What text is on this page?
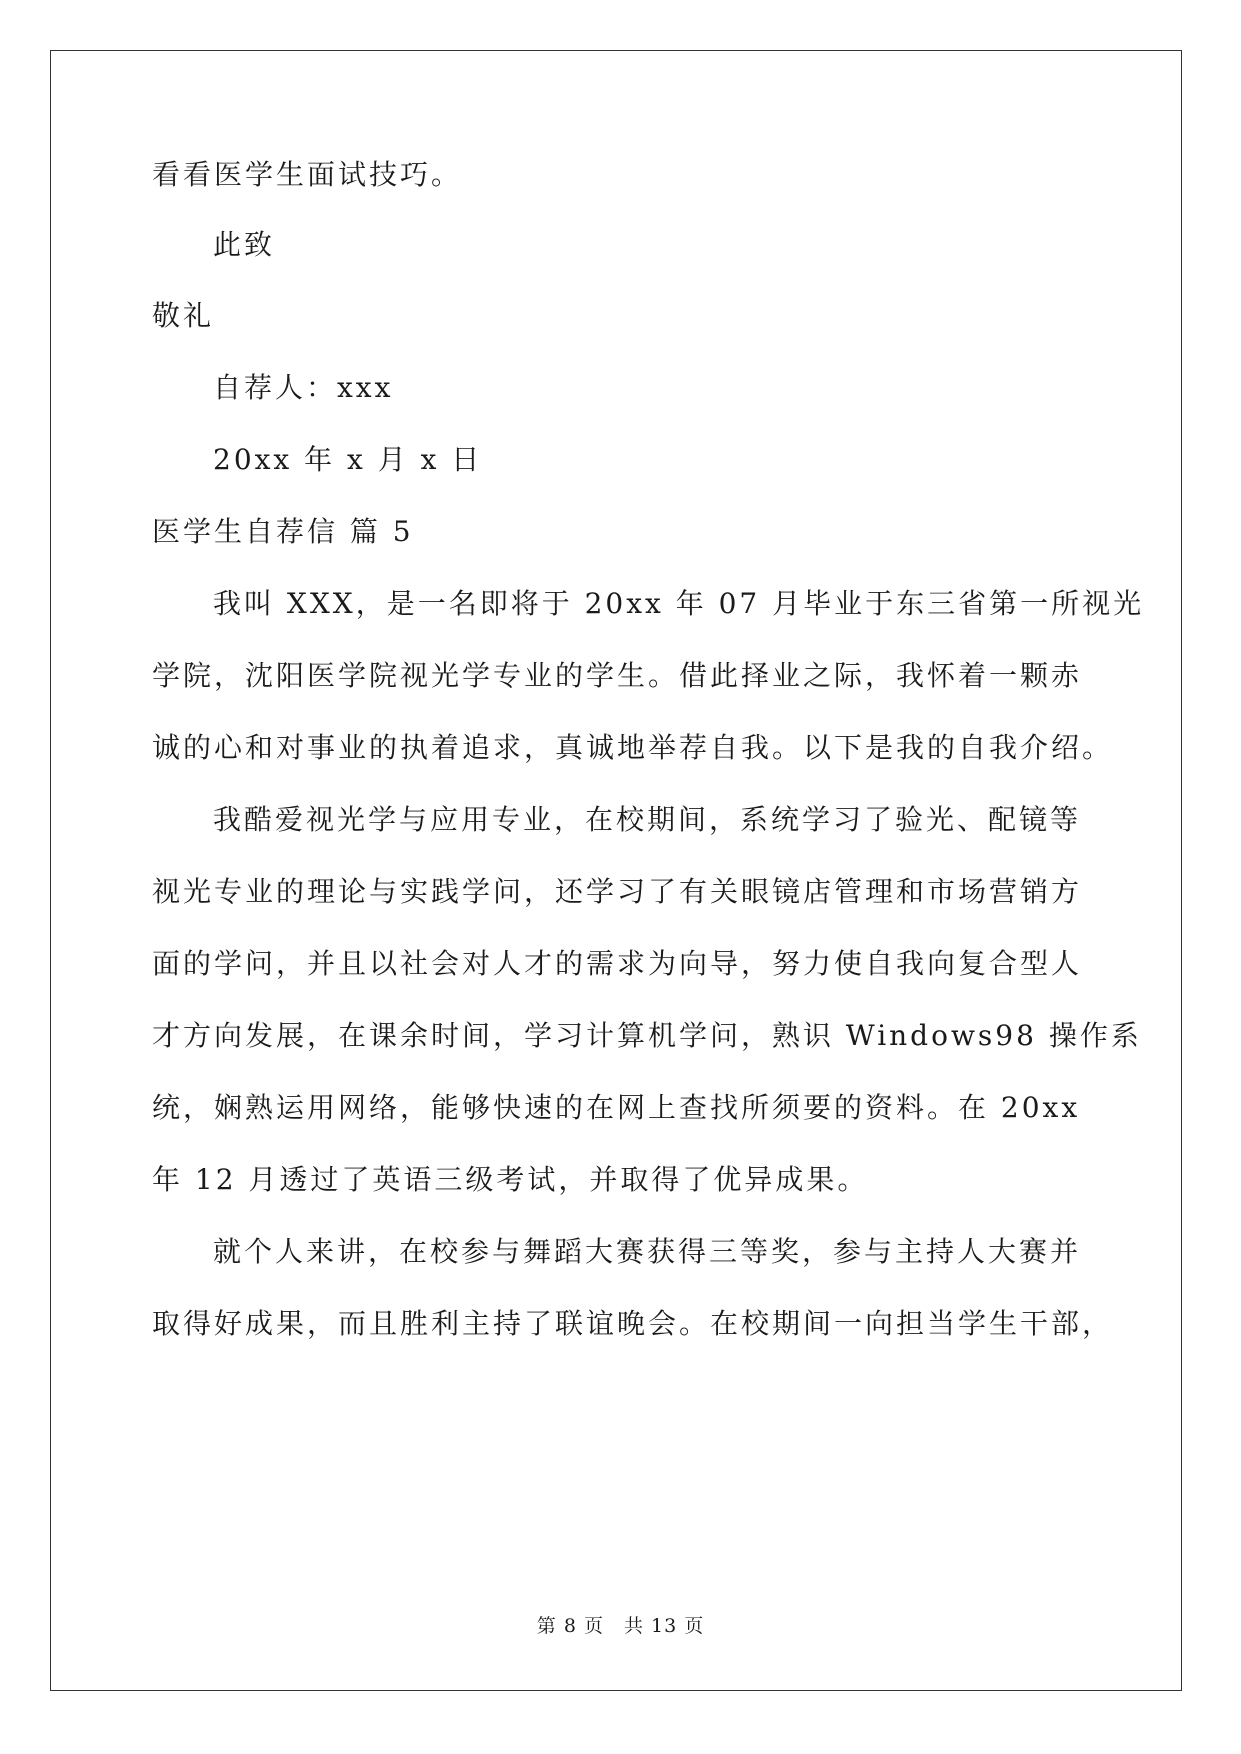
看看医学生面试技巧。
此致
敬礼
自荐人：xxx
20xx 年 x 月 x 日
医学生自荐信 篇 5
我叫 XXX，是一名即将于 20xx 年 07 月毕业于东三省第一所视光
学院，沈阳医学院视光学专业的学生。借此择业之际，我怀着一颗赤
诚的心和对事业的执着追求，真诚地举荐自我。以下是我的自我介绍。
我酷爱视光学与应用专业，在校期间，系统学习了验光、配镜等
视光专业的理论与实践学问，还学习了有关眼镜店管理和市场营销方
面的学问，并且以社会对人才的需求为向导，努力使自我向复合型人
才方向发展，在课余时间，学习计算机学问，熟识 Windows98 操作系
统，娴熟运用网络，能够快速的在网上查找所须要的资料。在 20xx
年 12 月透过了英语三级考试，并取得了优异成果。
就个人来讲，在校参与舞蹈大赛获得三等奖，参与主持人大赛并
取得好成果，而且胜利主持了联谊晚会。在校期间一向担当学生干部，
第 8 页 共 13 页
